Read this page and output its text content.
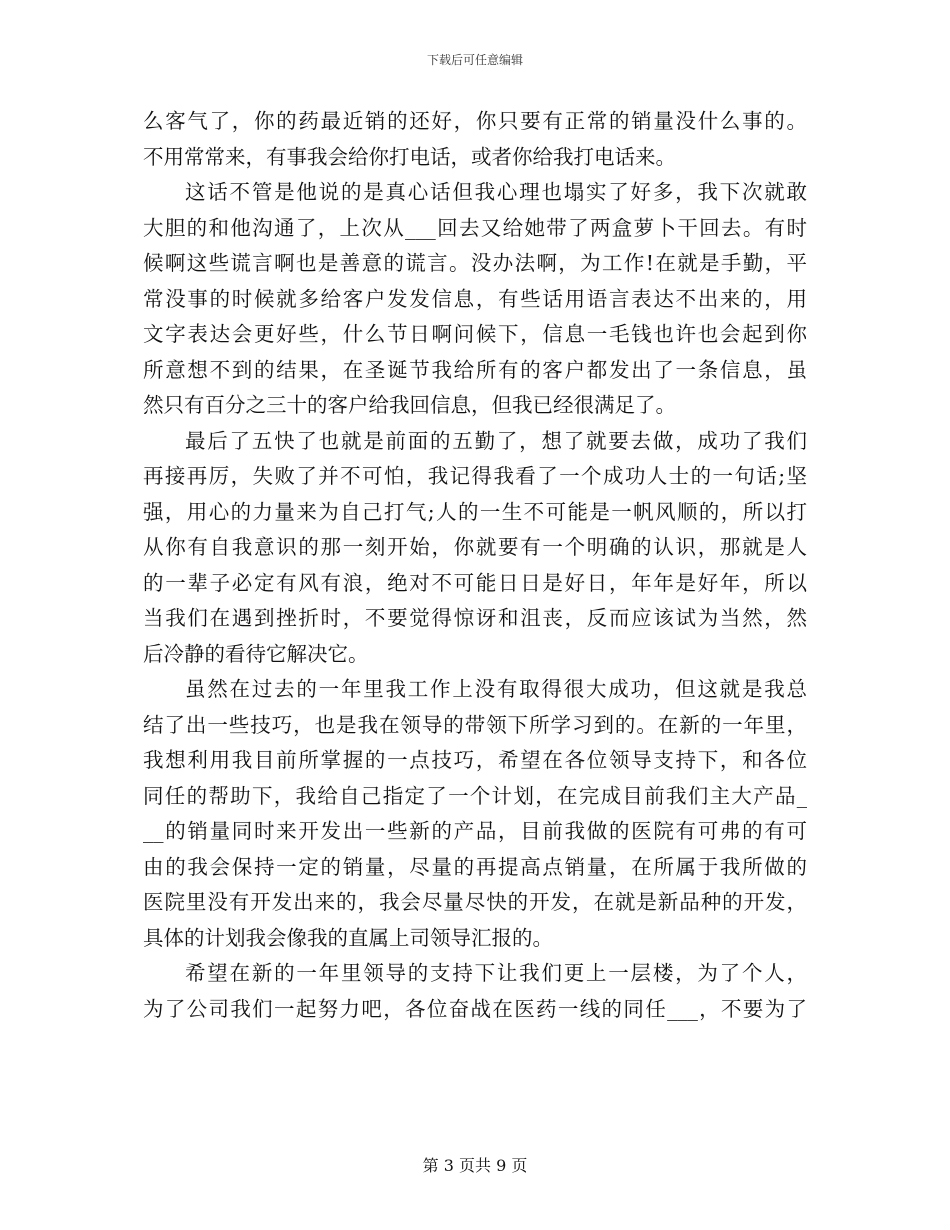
下载后可任意编辑
么客气了，你的药最近销的还好，你只要有正常的销量没什么事的。
不用常常来，有事我会给你打电话，或者你给我打电话来。
这话不管是他说的是真心话但我心理也塌实了好多，我下次就敢
大胆的和他沟通了，上次从___回去又给她带了两盒萝卜干回去。有时
候啊这些谎言啊也是善意的谎言。没办法啊，为工作!在就是手勤，平
常没事的时候就多给客户发发信息，有些话用语言表达不出来的，用
文字表达会更好些，什么节日啊问候下，信息一毛钱也许也会起到你
所意想不到的结果，在圣诞节我给所有的客户都发出了一条信息，虽
然只有百分之三十的客户给我回信息，但我已经很满足了。
最后了五快了也就是前面的五勤了，想了就要去做，成功了我们
再接再厉，失败了并不可怕，我记得我看了一个成功人士的一句话;坚
强，用心的力量来为自己打气;人的一生不可能是一帆风顺的，所以打
从你有自我意识的那一刻开始，你就要有一个明确的认识，那就是人
的一辈子必定有风有浪，绝对不可能日日是好日，年年是好年，所以
当我们在遇到挫折时，不要觉得惊讶和沮丧，反而应该试为当然，然
后冷静的看待它解决它。
虽然在过去的一年里我工作上没有取得很大成功，但这就是我总
结了出一些技巧，也是我在领导的带领下所学习到的。在新的一年里，
我想利用我目前所掌握的一点技巧，希望在各位领导支持下，和各位
同任的帮助下，我给自己指定了一个计划，在完成目前我们主大产品_
__的销量同时来开发出一些新的产品，目前我做的医院有可弗的有可
由的我会保持一定的销量，尽量的再提高点销量，在所属于我所做的
医院里没有开发出来的，我会尽量尽快的开发，在就是新品种的开发，
具体的计划我会像我的直属上司领导汇报的。
希望在新的一年里领导的支持下让我们更上一层楼，为了个人，
为了公司我们一起努力吧，各位奋战在医药一线的同任___，不要为了
第 3 页共 9 页
